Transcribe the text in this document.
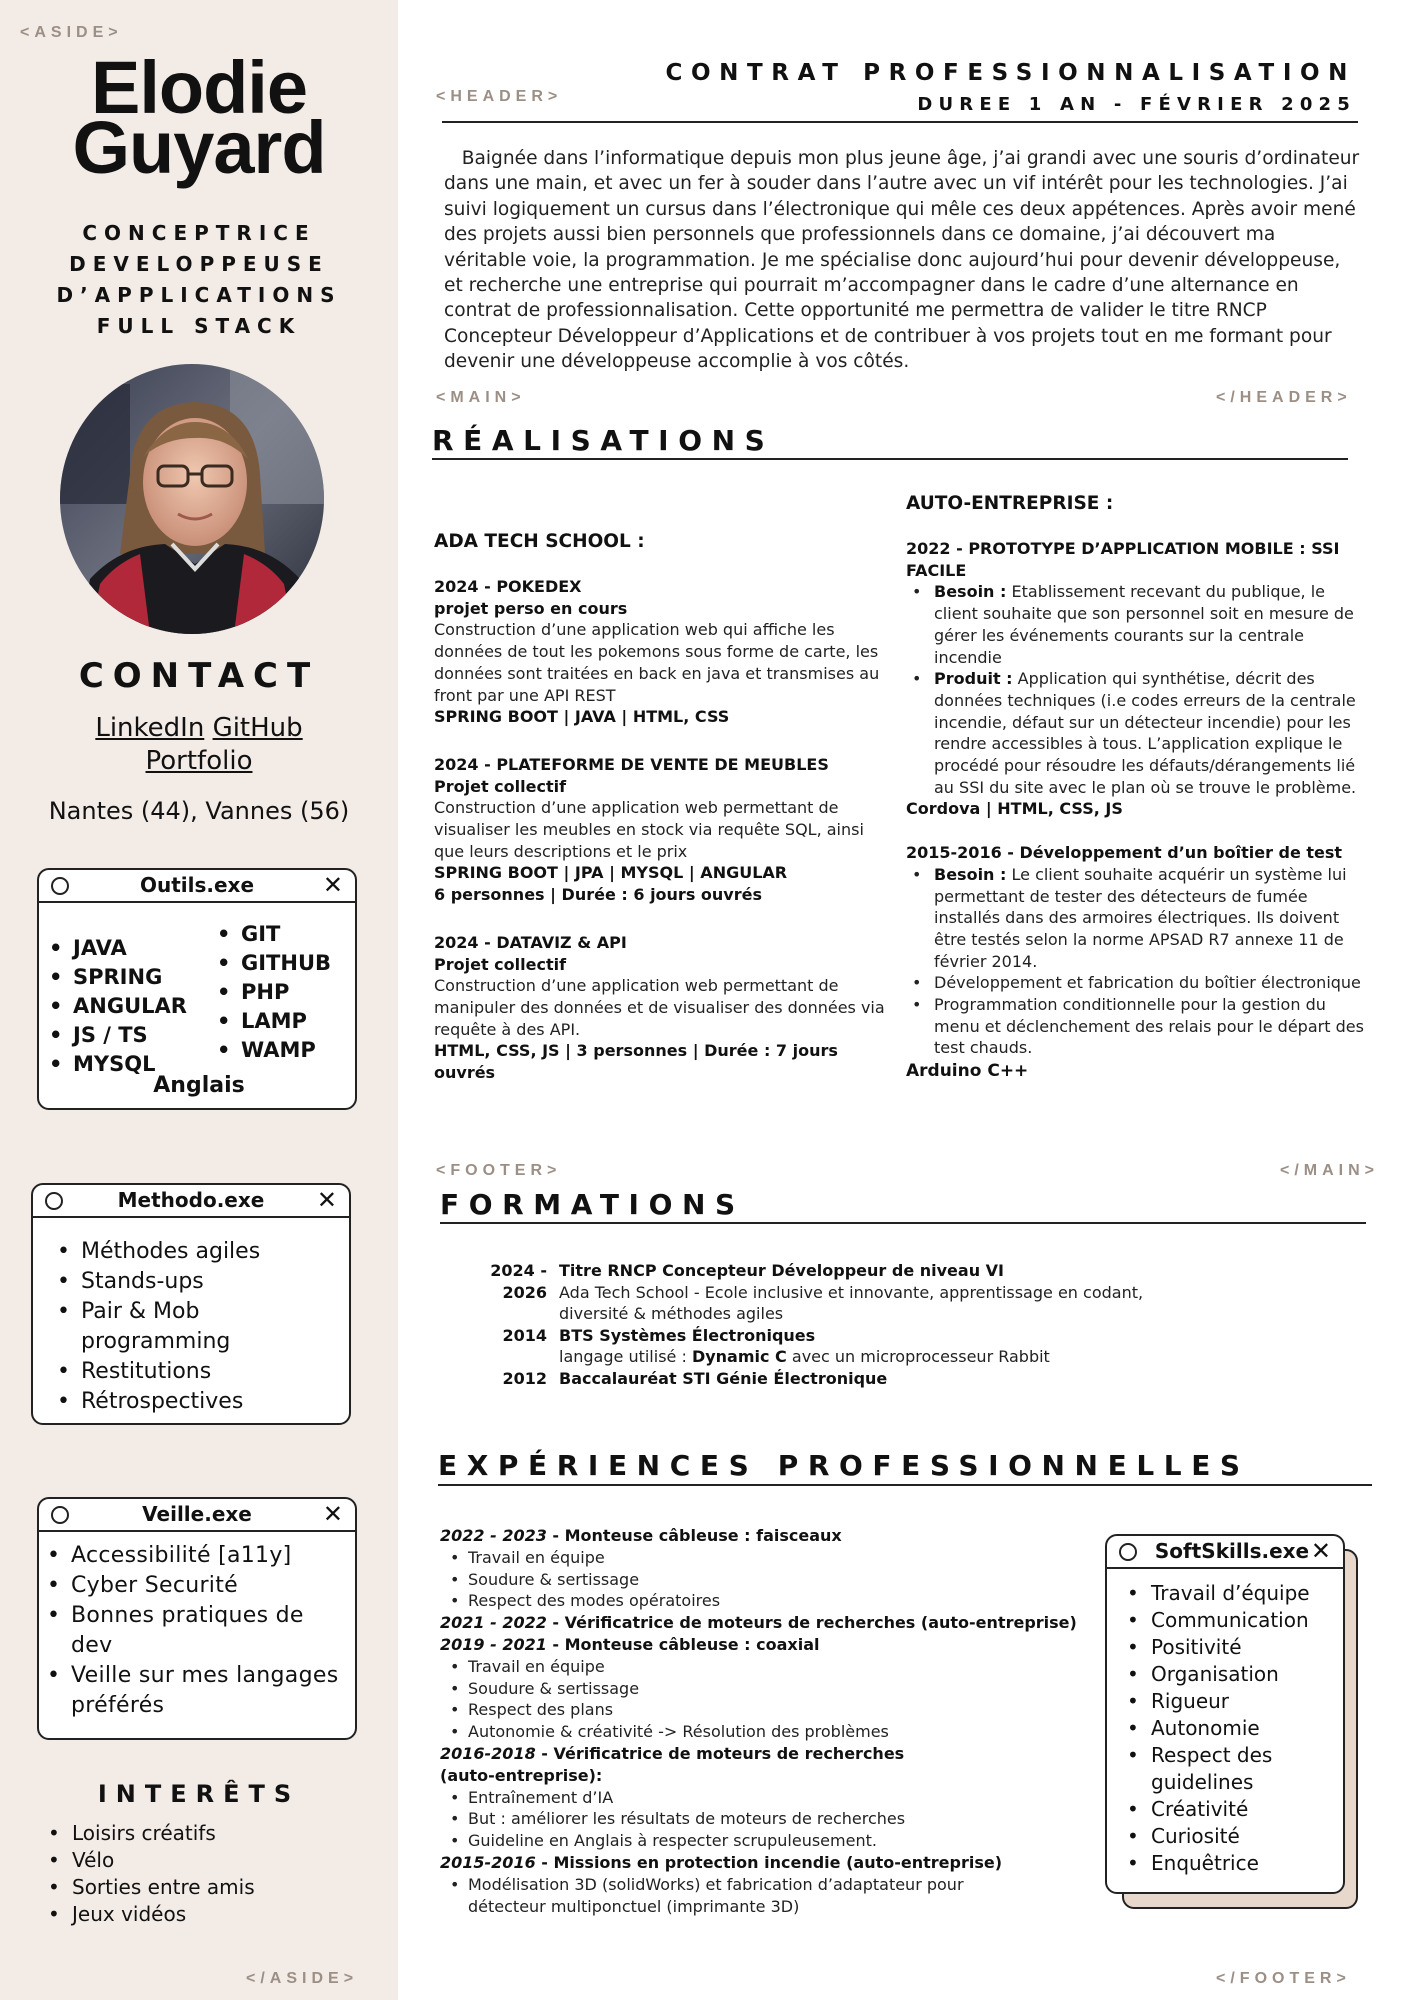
<ASIDE>
Elodie
Guyard
CONCEPTRICE
DEVELOPPEUSE
D’APPLICATIONS
FULL STACK
CONTACT
LinkedIn GitHub
Portfolio
Nantes (44), Vannes (56)
Outils.exe	✕
• JAVA
• SPRING
• ANGULAR
• JS / TS
• MYSQL
• GIT
• GITHUB
• PHP
• LAMP
• WAMP
Anglais
Methodo.exe ✕
• Méthodes agiles
• Stands-ups
• Pair & Mob programming
• Restitutions
• Rétrospectives
Veille.exe	✕
• Accessibilité [a11y]
• Cyber Securité
• Bonnes pratiques de dev
• Veille sur mes langages préférés
INTERÊTS
• Loisirs créatifs
• Vélo
• Sorties entre amis
• Jeux vidéos
</ASIDE>
CONTRAT PROFESSIONNALISATION
<HEADER>	DUREE 1 AN - FÉVRIER 2025

Baignée dans l’informatique depuis mon plus jeune âge, j’ai grandi avec une souris d’ordinateur dans une main, et avec un fer à souder dans l’autre avec un vif intérêt pour les technologies. J’ai suivi logiquement un cursus dans l’électronique qui mêle ces deux appétences. Après avoir mené des projets aussi bien personnels que professionnels dans ce domaine, j’ai découvert ma véritable voie, la programmation. Je me spécialise donc aujourd’hui pour devenir développeuse, et recherche une entreprise qui pourrait m’accompagner dans le cadre d’une alternance en contrat de professionnalisation. Cette opportunité me permettra de valider le titre RNCP Concepteur Développeur d’Applications et de contribuer à vos projets tout en me formant pour devenir une développeuse accomplie à vos côtés.

<MAIN>	</HEADER>
RÉALISATIONS
ADA TECH SCHOOL :
2024 - POKEDEX
projet perso en cours
Construction d’une application web qui affiche les données de tout les pokemons sous forme de carte, les données sont traitées en back en java et transmises au front par une API REST
SPRING BOOT | JAVA | HTML, CSS
2024 - PLATEFORME DE VENTE DE MEUBLES
Projet collectif
Construction d’une application web permettant de visualiser les meubles en stock via requête SQL, ainsi que leurs descriptions et le prix
SPRING BOOT | JPA | MYSQL | ANGULAR
6 personnes | Durée : 6 jours ouvrés
2024 - DATAVIZ & API
Projet collectif
Construction d’une application web permettant de manipuler des données et de visualiser des données via requête à des API.
HTML, CSS, JS | 3 personnes | Durée : 7 jours ouvrés
AUTO-ENTREPRISE :
2022 - PROTOTYPE D’APPLICATION MOBILE : SSI FACILE
• Besoin : Etablissement recevant du publique, le client souhaite que son personnel soit en mesure de gérer les événements courants sur la centrale incendie
• Produit : Application qui synthétise, décrit des données techniques (i.e codes erreurs de la centrale incendie, défaut sur un détecteur incendie) pour les rendre accessibles à tous. L’application explique le procédé pour résoudre les défauts/dérangements lié au SSI du site avec le plan où se trouve le problème.
Cordova | HTML, CSS, JS
2015-2016 - Développement d’un boîtier de test
• Besoin : Le client souhaite acquérir un système lui permettant de tester des détecteurs de fumée installés dans des armoires électriques. Ils doivent être testés selon la norme APSAD R7 annexe 11 de février 2014.
• Développement et fabrication du boîtier électronique
• Programmation conditionnelle pour la gestion du menu et déclenchement des relais pour le départ des test chauds.
Arduino C++
<FOOTER>	</MAIN>
FORMATIONS
2024 - 2026
Titre RNCP Concepteur Développeur de niveau VI
Ada Tech School - Ecole inclusive et innovante, apprentissage en codant, diversité & méthodes agiles
2014 BTS Systèmes Électroniques
langage utilisé : Dynamic C avec un microprocesseur Rabbit
2012 Baccalauréat STI Génie Électronique
EXPÉRIENCES PROFESSIONNELLES
2022 - 2023 - Monteuse câbleuse : faisceaux
• Travail en équipe
• Soudure & sertissage
• Respect des modes opératoires
2021 - 2022 - Vérificatrice de moteurs de recherches (auto-entreprise)
2019 - 2021 - Monteuse câbleuse : coaxial
• Travail en équipe
• Soudure & sertissage
• Respect des plans
• Autonomie & créativité -> Résolution des problèmes
2016-2018 - Vérificatrice de moteurs de recherches (auto-entreprise):
• Entraînement d’IA
• But : améliorer les résultats de moteurs de recherches
• Guideline en Anglais à respecter scrupuleusement.
2015-2016 - Missions en protection incendie (auto-entreprise)
• Modélisation 3D (solidWorks) et fabrication d’adaptateur pour détecteur multiponctuel (imprimante 3D)
SoftSkills.exe ✕
• Travail d’équipe
• Communication
• Positivité
• Organisation
• Rigueur
• Autonomie
• Respect des guidelines
• Créativité
• Curiosité
• Enquêtrice
</FOOTER>
